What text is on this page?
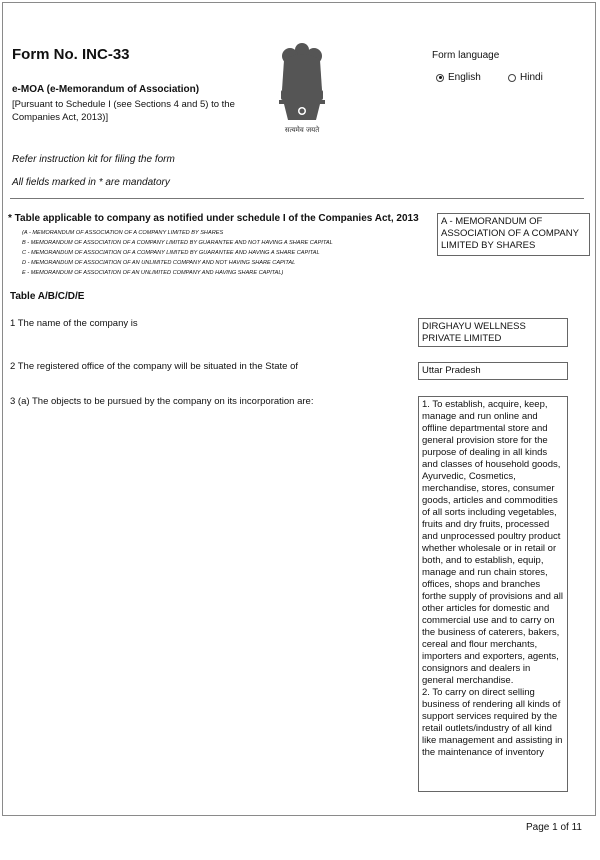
Form No. INC-33
e-MOA (e-Memorandum of Association)
[Pursuant to Schedule I (see Sections 4 and 5) to the Companies Act, 2013)]
सत्यमेव जयते
Form language
English	Hindi
Refer instruction kit for filing the form
All fields marked in * are mandatory
* Table applicable to company as notified under schedule I of the Companies Act, 2013
(A - MEMORANDUM OF ASSOCIATION OF A COMPANY LIMITED BY SHARES
B - MEMORANDUM OF ASSOCIATION OF A COMPANY LIMITED BY GUARANTEE AND NOT HAVING A SHARE CAPITAL
C - MEMORANDUM OF ASSOCIATION OF A COMPANY LIMITED BY GUARANTEE AND HAVING A SHARE CAPITAL
D - MEMORANDUM OF ASSOCIATION OF AN UNLIMITED COMPANY AND NOT HAVING SHARE CAPITAL
E - MEMORANDUM OF ASSOCIATION OF AN UNLIMITED COMPANY AND HAVING SHARE CAPITAL)
A - MEMORANDUM OF ASSOCIATION OF A COMPANY LIMITED BY SHARES
Table A/B/C/D/E
1 The name of the company is	DIRGHAYU WELLNESS PRIVATE LIMITED
2 The registered office of the company will be situated in the State of	Uttar Pradesh
3 (a) The objects to be pursued by the company on its incorporation are:	1. To establish, acquire, keep, manage and run online and offline departmental store and general provision store for the purpose of dealing in all kinds and classes of household goods, Ayurvedic, Cosmetics, merchandise, stores, consumer goods, articles and commodities of all sorts including vegetables, fruits and dry fruits, processed and unprocessed poultry product whether wholesale or in retail or both, and to establish, equip, manage and run chain stores, offices, shops and branches forthe supply of provisions and all other articles for domestic and commercial use and to carry on the business of caterers, bakers, cereal and flour merchants, importers and exporters, agents, consignors and dealers in general merchandise.

2. To carry on direct selling business of rendering all kinds of support services required by the retail outlets/industry of all kind like management and assisting in the maintenance of inventory

Page 1 of 11
